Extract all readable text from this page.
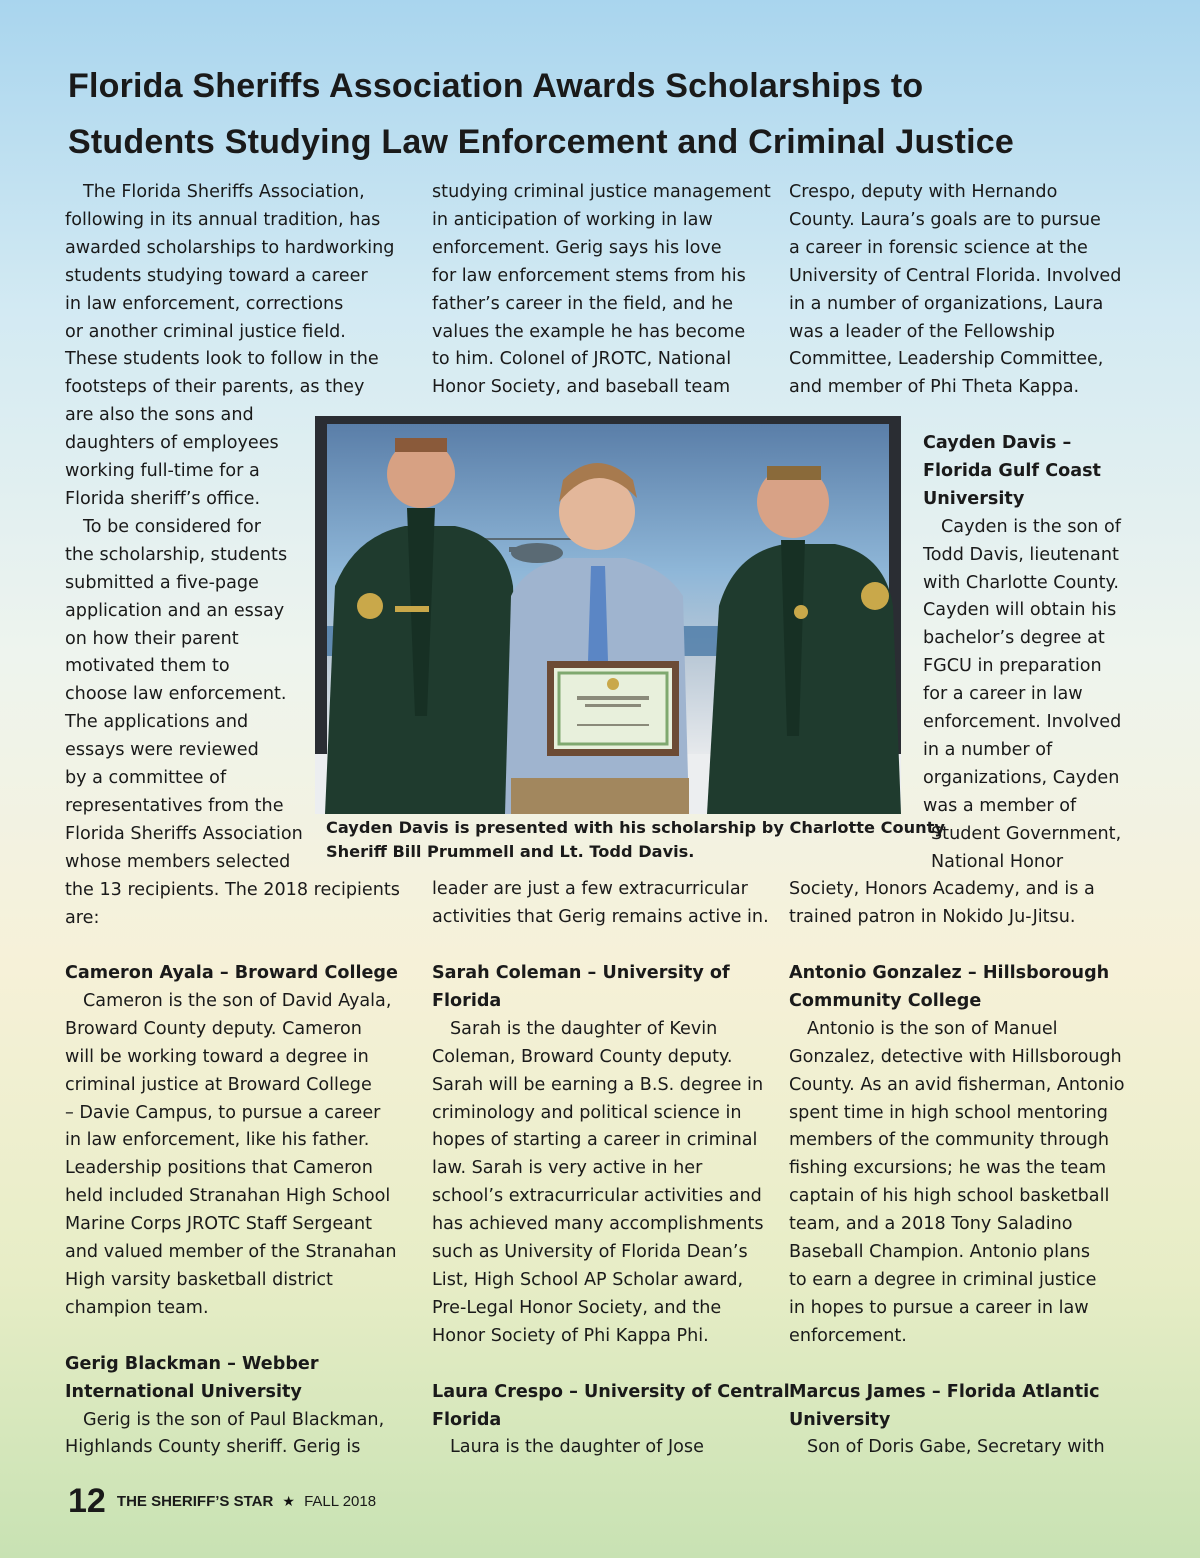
Florida Sheriffs Association Awards Scholarships to
Students Studying Law Enforcement and Criminal Justice

The Florida Sheriffs Association,
following in its annual tradition, has
awarded scholarships to hardworking
students studying toward a career
in law enforcement, corrections
or another criminal justice field.
These students look to follow in the
footsteps of their parents, as they
are also the sons and
daughters of employees
working full-time for a
Florida sheriff’s office.

To be considered for
the scholarship, students
submitted a five-page
application and an essay
on how their parent
motivated them to
choose law enforcement.
The applications and
essays were reviewed
by a committee of
representatives from the
Florida Sheriffs Association
whose members selected
the 13 recipients. The 2018 recipients
are:

studying criminal justice management
in anticipation of working in law
enforcement. Gerig says his love
for law enforcement stems from his
father’s career in the field, and he
values the example he has become
to him. Colonel of JROTC, National
Honor Society, and baseball team
Crespo, deputy with Hernando
County. Laura’s goals are to pursue
a career in forensic science at the
University of Central Florida. Involved
in a number of organizations, Laura
was a leader of the Fellowship
Committee, Leadership Committee,
and member of Phi Theta Kappa.
Cayden Davis is presented with his scholarship by Charlotte County
Sheriff Bill Prummell and Lt. Todd Davis.
Cayden Davis –
Florida Gulf Coast
University
Cayden is the son of
Todd Davis, lieutenant
with Charlotte County.
Cayden will obtain his
bachelor’s degree at
FGCU in preparation
for a career in law
enforcement. Involved
in a number of
organizations, Cayden
was a member of
Student Government,
National Honor
leader are just a few extracurricular
activities that Gerig remains active in.
Society, Honors Academy, and is a
trained patron in Nokido Ju-Jitsu.
Cameron Ayala – Broward College
Cameron is the son of David Ayala,
Broward County deputy. Cameron
will be working toward a degree in
criminal justice at Broward College
– Davie Campus, to pursue a career
in law enforcement, like his father.
Leadership positions that Cameron
held included Stranahan High School
Marine Corps JROTC Staff Sergeant
and valued member of the Stranahan
High varsity basketball district
champion team.

Gerig Blackman – Webber
International University
Gerig is the son of Paul Blackman,
Highlands County sheriff. Gerig is
Sarah Coleman – University of
Florida
Sarah is the daughter of Kevin
Coleman, Broward County deputy.
Sarah will be earning a B.S. degree in
criminology and political science in
hopes of starting a career in criminal
law. Sarah is very active in her
school’s extracurricular activities and
has achieved many accomplishments
such as University of Florida Dean’s
List, High School AP Scholar award,
Pre-Legal Honor Society, and the
Honor Society of Phi Kappa Phi.

Laura Crespo – University of Central
Florida
Laura is the daughter of Jose
Antonio Gonzalez – Hillsborough
Community College
Antonio is the son of Manuel
Gonzalez, detective with Hillsborough
County. As an avid fisherman, Antonio
spent time in high school mentoring
members of the community through
fishing excursions; he was the team
captain of his high school basketball
team, and a 2018 Tony Saladino
Baseball Champion. Antonio plans
to earn a degree in criminal justice
in hopes to pursue a career in law
enforcement.

Marcus James – Florida Atlantic
University
Son of Doris Gabe, Secretary with
12 THE SHERIFF’S STAR ★ FALL 2018
